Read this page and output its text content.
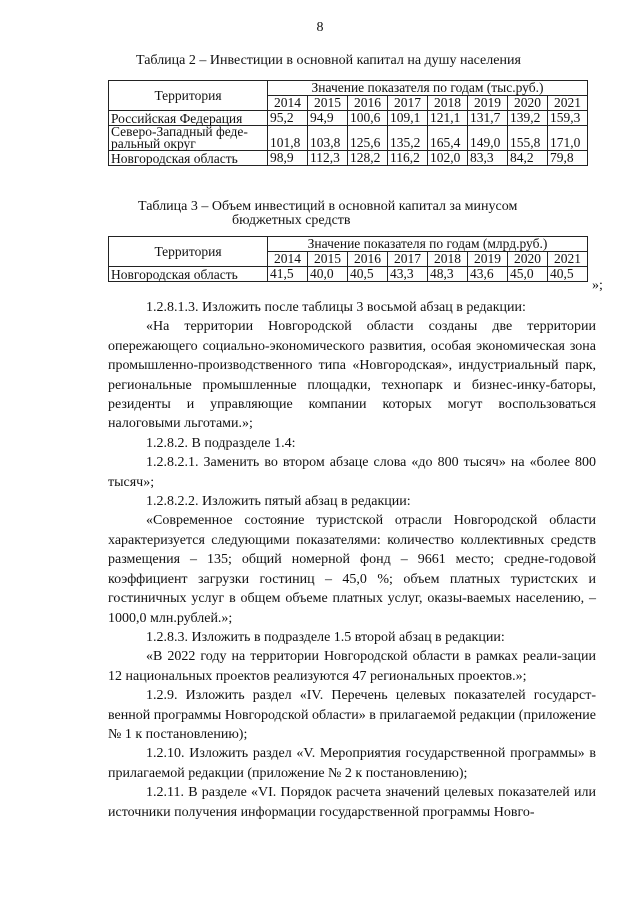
8
Таблица 2 – Инвестиции в основной капитал на душу населения
Территория	Значение показателя по годам (тыс.руб.)							
	2014	2015	2016	2017	2018	2019	2020	2021
Российская Федерация	95,2	94,9	100,6	109,1	121,1	131,7	139,2	159,3
Северо-Западный феде-ральный округ	101,8	103,8	125,6	135,2	165,4	149,0	155,8	171,0
Новгородская область	98,9	112,3	128,2	116,2	102,0	83,3	84,2	79,8
Таблица 3 – Объем инвестиций в основной капитал за минусом
бюджетных средств
Территория	Значение показателя по годам (млрд.руб.)							
	2014	2015	2016	2017	2018	2019	2020	2021
Новгородская область	41,5	40,0	40,5	43,3	48,3	43,6	45,0	40,5
»;

1.2.8.1.3. Изложить после таблицы 3 восьмой абзац в редакции:

«На территории Новгородской области созданы две территории опережающего социально-экономического развития, особая экономическая зона промышленно-производственного типа «Новгородская», индустриальный парк, региональные промышленные площадки, технопарк и бизнес-инку-баторы, резиденты и управляющие компании которых могут воспользоваться налоговыми льготами.»;

1.2.8.2. В подразделе 1.4:

1.2.8.2.1. Заменить во втором абзаце слова «до 800 тысяч» на «более 800 тысяч»;

1.2.8.2.2. Изложить пятый абзац в редакции:

«Современное состояние туристской отрасли Новгородской области характеризуется следующими показателями: количество коллективных средств размещения – 135; общий номерной фонд – 9661 место; средне-годовой коэффициент загрузки гостиниц – 45,0 %; объем платных туристских и гостиничных услуг в общем объеме платных услуг, оказы-ваемых населению, – 1000,0 млн.рублей.»;

1.2.8.3. Изложить в подразделе 1.5 второй абзац в редакции:

«В 2022 году на территории Новгородской области в рамках реали-зации 12 национальных проектов реализуются 47 региональных проектов.»;

1.2.9. Изложить раздел «IV. Перечень целевых показателей государст-венной программы Новгородской области» в прилагаемой редакции (приложение № 1 к постановлению);

1.2.10. Изложить раздел «V. Мероприятия государственной программы» в прилагаемой редакции (приложение № 2 к постановлению);

1.2.11. В разделе «VI. Порядок расчета значений целевых показателей или источники получения информации государственной программы Новго-
